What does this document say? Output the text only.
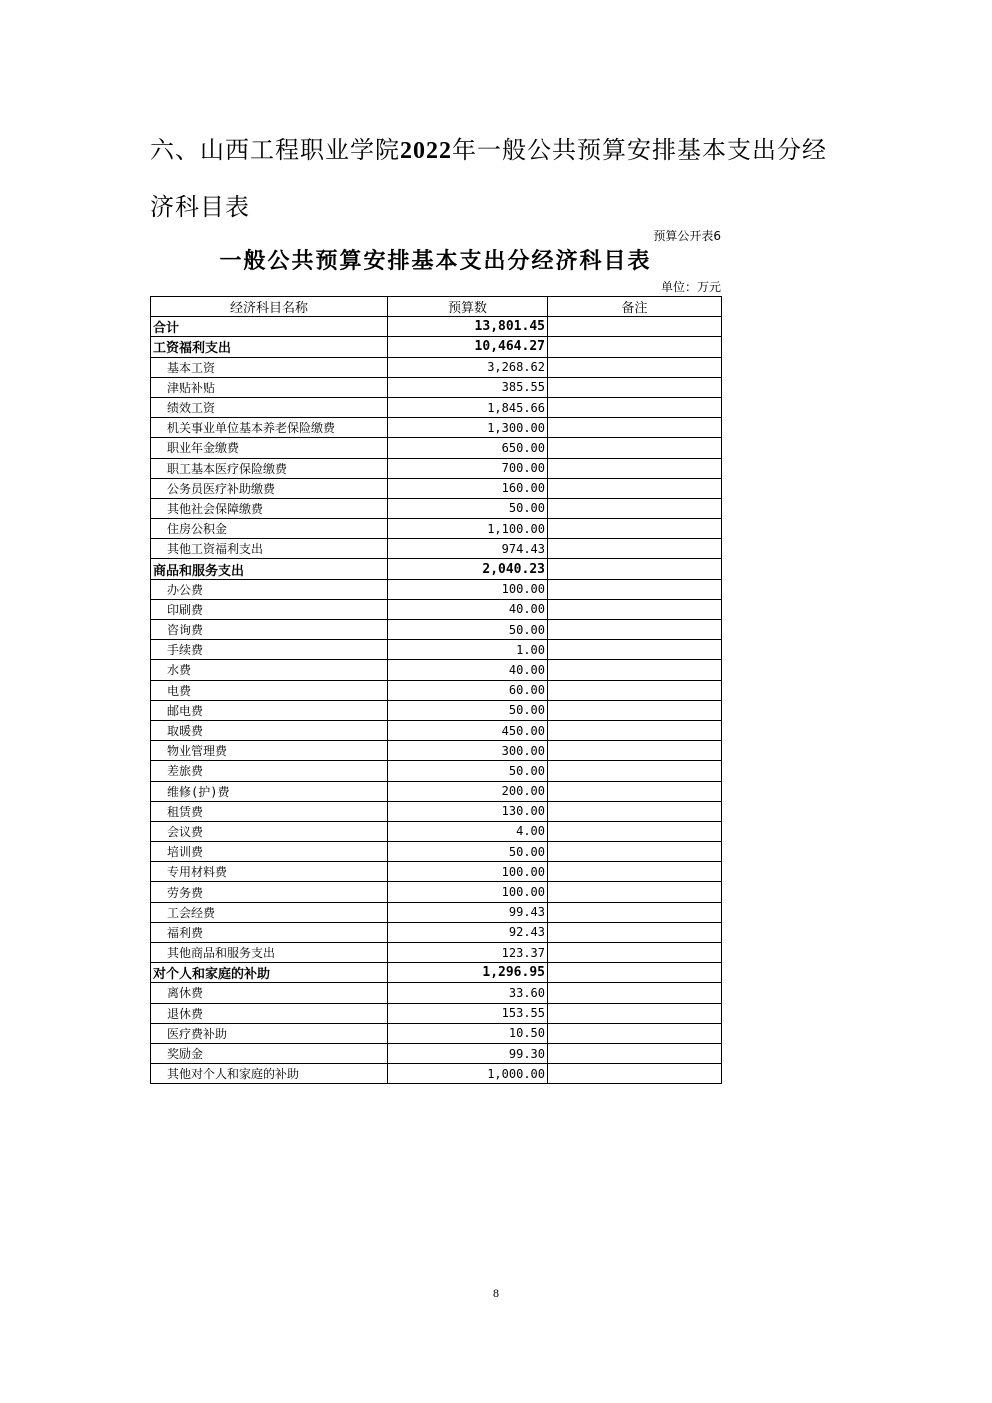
六、山西工程职业学院2022年一般公共预算安排基本支出分经济科目表
预算公开表6
一般公共预算安排基本支出分经济科目表
单位：万元
经济科目名称	预算数	备注
合计	13,801.45	
工资福利支出	10,464.27	
基本工资	3,268.62	
津贴补贴	385.55	
绩效工资	1,845.66	
机关事业单位基本养老保险缴费	1,300.00	
职业年金缴费	650.00	
职工基本医疗保险缴费	700.00	
公务员医疗补助缴费	160.00	
其他社会保障缴费	50.00	
住房公积金	1,100.00	
其他工资福利支出	974.43	
商品和服务支出	2,040.23	
办公费	100.00	
印刷费	40.00	
咨询费	50.00	
手续费	1.00	
水费	40.00	
电费	60.00	
邮电费	50.00	
取暖费	450.00	
物业管理费	300.00	
差旅费	50.00	
维修(护)费	200.00	
租赁费	130.00	
会议费	4.00	
培训费	50.00	
专用材料费	100.00	
劳务费	100.00	
工会经费	99.43	
福利费	92.43	
其他商品和服务支出	123.37	
对个人和家庭的补助	1,296.95	
离休费	33.60	
退休费	153.55	
医疗费补助	10.50	
奖励金	99.30	
其他对个人和家庭的补助	1,000.00	
8
